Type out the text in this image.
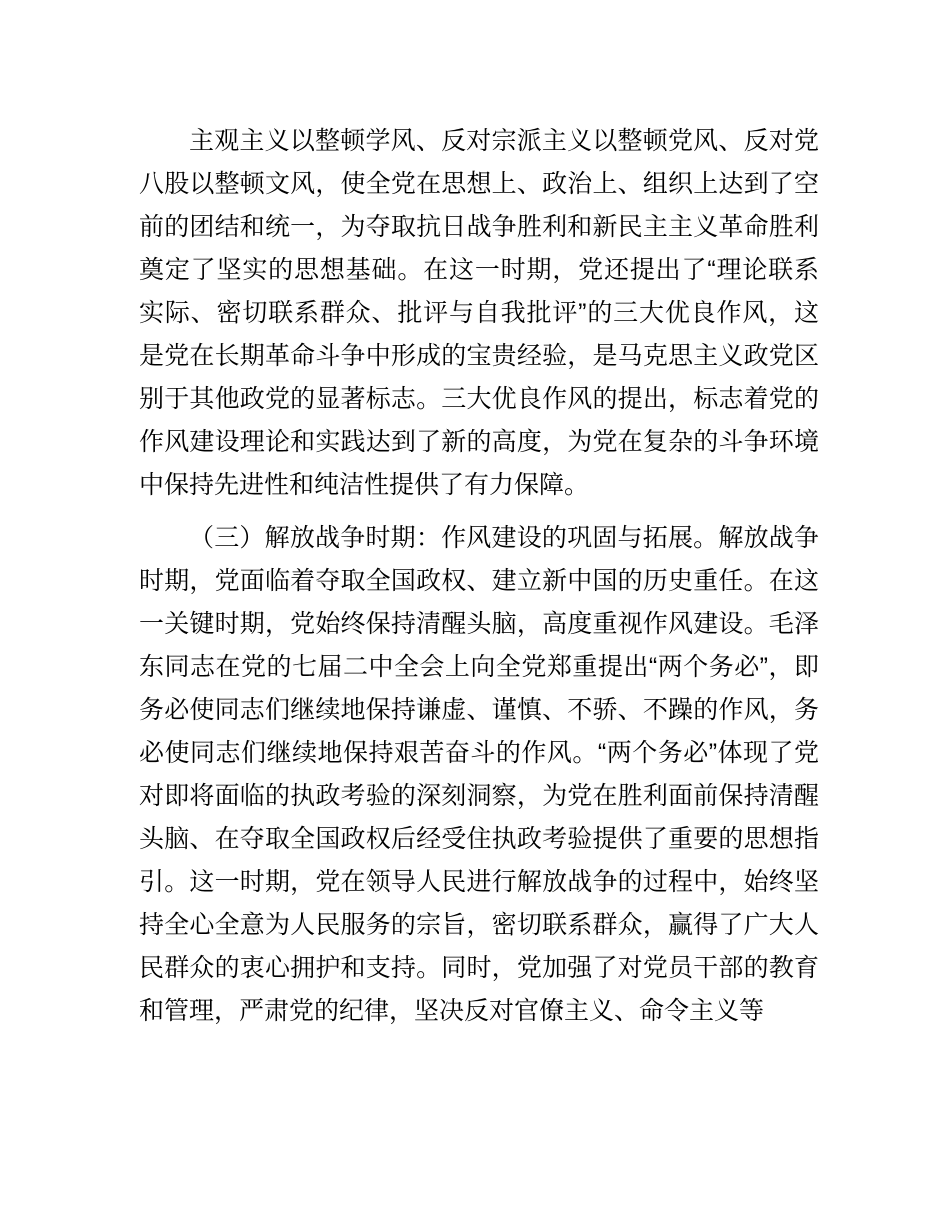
主观主义以整顿学风、反对宗派主义以整顿党风、反对党八股以整顿文风，使全党在思想上、政治上、组织上达到了空前的团结和统一，为夺取抗日战争胜利和新民主主义革命胜利奠定了坚实的思想基础。在这一时期，党还提出了“理论联系实际、密切联系群众、批评与自我批评”的三大优良作风，这是党在长期革命斗争中形成的宝贵经验，是马克思主义政党区别于其他政党的显著标志。三大优良作风的提出，标志着党的作风建设理论和实践达到了新的高度，为党在复杂的斗争环境中保持先进性和纯洁性提供了有力保障。

（三）解放战争时期：作风建设的巩固与拓展。解放战争时期，党面临着夺取全国政权、建立新中国的历史重任。在这一关键时期，党始终保持清醒头脑，高度重视作风建设。毛泽东同志在党的七届二中全会上向全党郑重提出“两个务必”，即务必使同志们继续地保持谦虚、谨慎、不骄、不躁的作风，务必使同志们继续地保持艰苦奋斗的作风。“两个务必”体现了党对即将面临的执政考验的深刻洞察，为党在胜利面前保持清醒头脑、在夺取全国政权后经受住执政考验提供了重要的思想指引。这一时期，党在领导人民进行解放战争的过程中，始终坚持全心全意为人民服务的宗旨，密切联系群众，赢得了广大人民群众的衷心拥护和支持。同时，党加强了对党员干部的教育和管理，严肃党的纪律，坚决反对官僚主义、命令主义等
